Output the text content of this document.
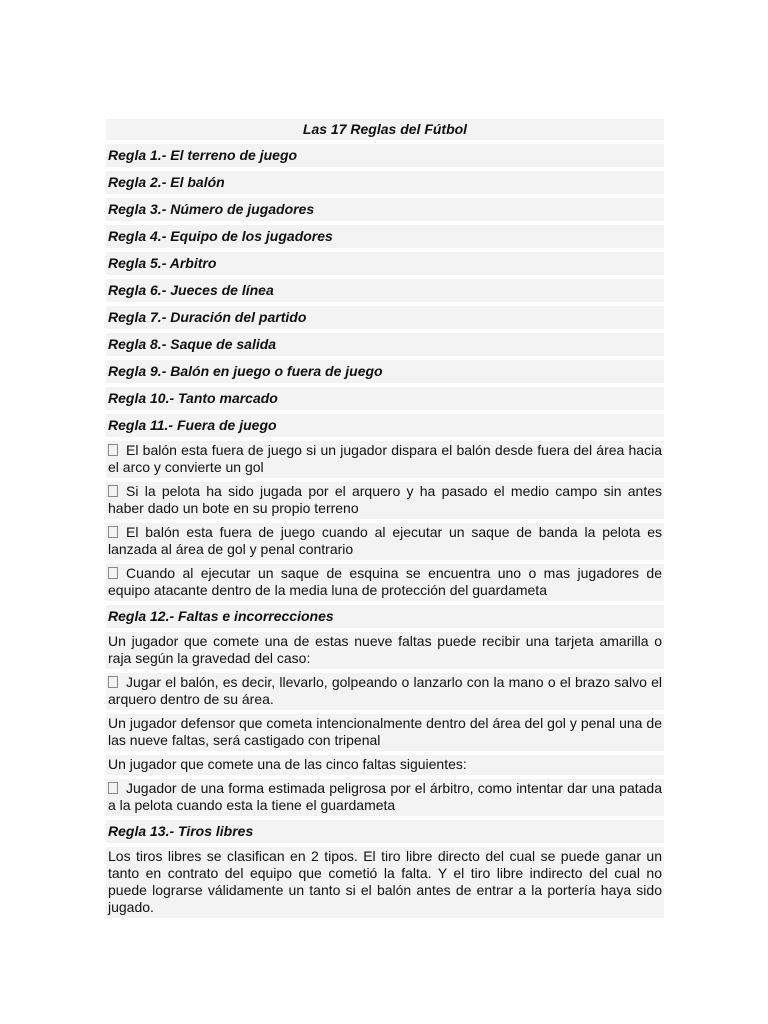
Las 17 Reglas del Fútbol
Regla 1.- El terreno de juego
Regla 2.- El balón
Regla 3.- Número de jugadores
Regla 4.- Equipo de los jugadores
Regla 5.- Arbitro
Regla 6.- Jueces de línea
Regla 7.- Duración del partido
Regla 8.- Saque de salida
Regla 9.- Balón en juego o fuera de juego
Regla 10.- Tanto marcado
Regla 11.- Fuera de juego
El balón esta fuera de juego si un jugador dispara el balón desde fuera del área hacia el arco y convierte un gol
Si la pelota ha sido jugada por el arquero y ha pasado el medio campo sin antes haber dado un bote en su propio terreno
El balón esta fuera de juego cuando al ejecutar un saque de banda la pelota es lanzada al área de gol y penal contrario
Cuando al ejecutar un saque de esquina se encuentra uno o mas jugadores de equipo atacante dentro de la media luna de protección del guardameta
Regla 12.- Faltas e incorrecciones
Un jugador que comete una de estas nueve faltas puede recibir una tarjeta amarilla o raja según la gravedad del caso:
Jugar el balón, es decir, llevarlo, golpeando o lanzarlo con la mano o el brazo salvo el arquero dentro de su área.
Un jugador defensor que cometa intencionalmente dentro del área del gol y penal una de las nueve faltas, será castigado con tripenal
Un jugador que comete una de las cinco faltas siguientes:
Jugador de una forma estimada peligrosa por el árbitro, como intentar dar una patada a la pelota cuando esta la tiene el guardameta
Regla 13.- Tiros libres
Los tiros libres se clasifican en 2 tipos. El tiro libre directo del cual se puede ganar un tanto en contrato del equipo que cometió la falta. Y el tiro libre indirecto del cual no puede lograrse válidamente un tanto si el balón antes de entrar a la portería haya sido jugado.
